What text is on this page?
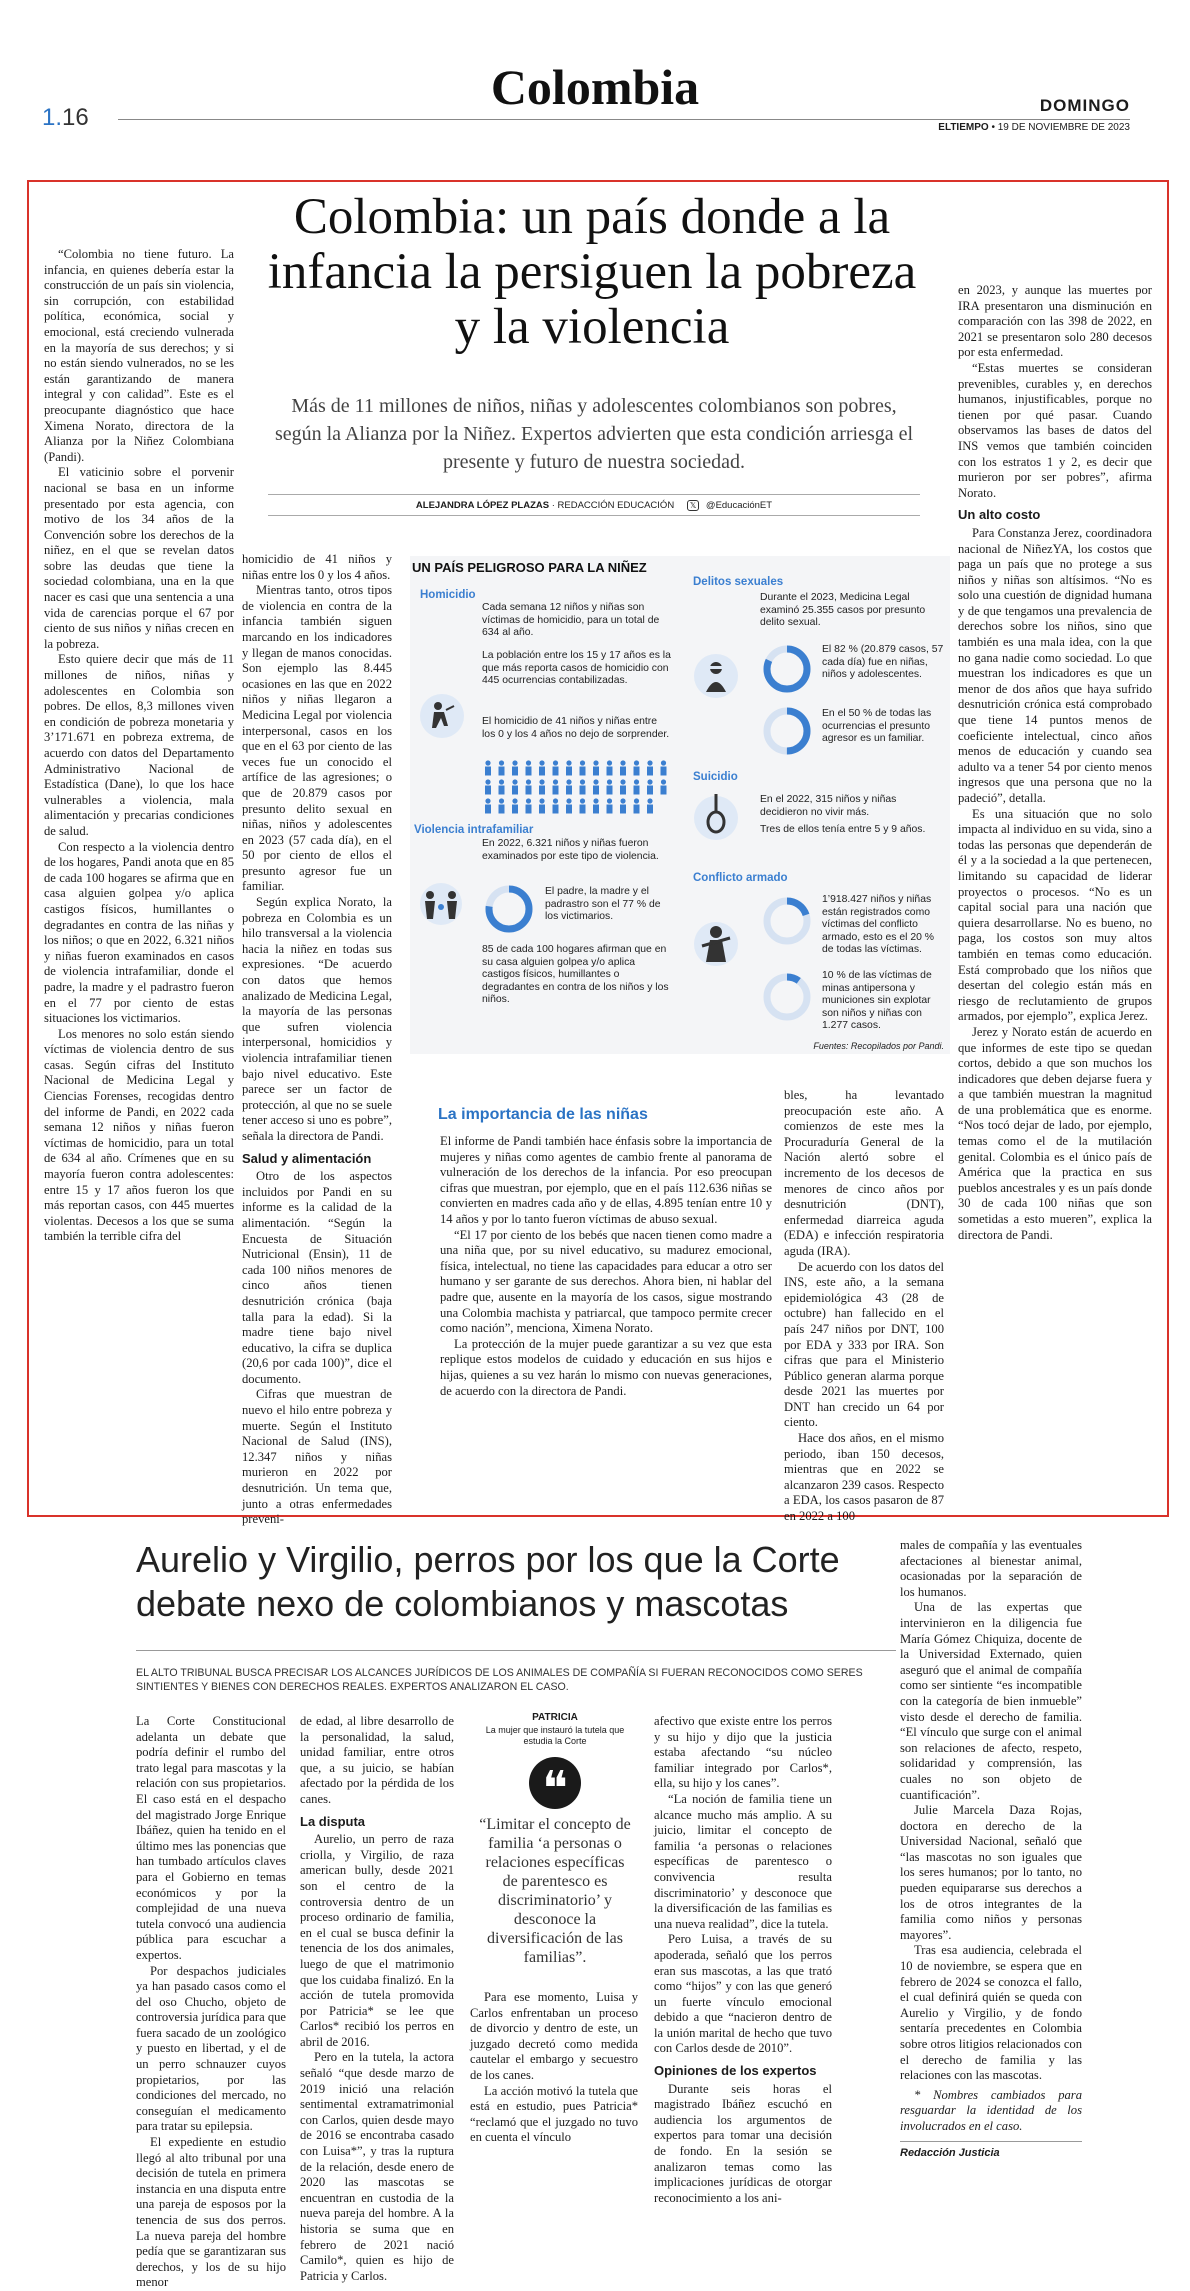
Colombia
1.16	DOMINGO
ELTIEMPO • 19 DE NOVIEMBRE DE 2023
Colombia: un país donde a la infancia la persiguen la pobreza y la violencia
Más de 11 millones de niños, niñas y adolescentes colombianos son pobres, según la Alianza por la Niñez. Expertos advierten que esta condición arriesga el presente y futuro de nuestra sociedad.
ALEJANDRA LÓPEZ PLAZAS · REDACCIÓN EDUCACIÓN 𝕏 @EducaciónET

“Colombia no tiene futuro. La infancia, en quienes debería estar la construcción de un país sin violencia, sin corrupción, con estabilidad política, económica, social y emocional, está creciendo vulnerada en la mayoría de sus derechos; y si no están siendo vulnerados, no se les están garantizando de manera integral y con calidad”. Este es el preocupante diagnóstico que hace Ximena Norato, directora de la Alianza por la Niñez Colombiana (Pandi).

El vaticinio sobre el porvenir nacional se basa en un informe presentado por esta agencia, con motivo de los 34 años de la Convención sobre los derechos de la niñez, en el que se revelan datos sobre las deudas que tiene la sociedad colombiana, una en la que nacer es casi que una sentencia a una vida de carencias porque el 67 por ciento de sus niños y niñas crecen en la pobreza.

Esto quiere decir que más de 11 millones de niños, niñas y adolescentes en Colombia son pobres. De ellos, 8,3 millones viven en condición de pobreza monetaria y 3’171.671 en pobreza extrema, de acuerdo con datos del Departamento Administrativo Nacional de Estadística (Dane), lo que los hace vulnerables a violencia, mala alimentación y precarias condiciones de salud.

Con respecto a la violencia dentro de los hogares, Pandi anota que en 85 de cada 100 hogares se afirma que en casa alguien golpea y/o aplica castigos físicos, humillantes o degradantes en contra de las niñas y los niños; o que en 2022, 6.321 niños y niñas fueron examinados en casos de violencia intrafamiliar, donde el padre, la madre y el padrastro fueron en el 77 por ciento de estas situaciones los victimarios.

Los menores no solo están siendo víctimas de violencia dentro de sus casas. Según cifras del Instituto Nacional de Medicina Legal y Ciencias Forenses, recogidas dentro del informe de Pandi, en 2022 cada semana 12 niños y niñas fueron víctimas de homicidio, para un total de 634 al año. Crímenes que en su mayoría fueron contra adolescentes: entre 15 y 17 años fueron los que más reportan casos, con 445 muertes violentas. Decesos a los que se suma también la terrible cifra del

homicidio de 41 niños y niñas entre los 0 y los 4 años.

Mientras tanto, otros tipos de violencia en contra de la infancia también siguen marcando en los indicadores y llegan de manos conocidas. Son ejemplo las 8.445 ocasiones en las que en 2022 niños y niñas llegaron a Medicina Legal por violencia interpersonal, casos en los que en el 63 por ciento de las veces fue un conocido el artífice de las agresiones; o que de 20.879 casos por presunto delito sexual en niñas, niños y adolescentes en 2023 (57 cada día), en el 50 por ciento de ellos el presunto agresor fue un familiar.

Según explica Norato, la pobreza en Colombia es un hilo transversal a la violencia hacia la niñez en todas sus expresiones. “De acuerdo con datos que hemos analizado de Medicina Legal, la mayoría de las personas que sufren violencia interpersonal, homicidios y violencia intrafamiliar tienen bajo nivel educativo. Este parece ser un factor de protección, al que no se suele tener acceso si uno es pobre”, señala la directora de Pandi.

Salud y alimentación

Otro de los aspectos incluidos por Pandi en su informe es la calidad de la alimentación. “Según la Encuesta de Situación Nutricional (Ensin), 11 de cada 100 niños menores de cinco años tienen desnutrición crónica (baja talla para la edad). Si la madre tiene bajo nivel educativo, la cifra se duplica (20,6 por cada 100)”, dice el documento.

Cifras que muestran de nuevo el hilo entre pobreza y muerte. Según el Instituto Nacional de Salud (INS), 12.347 niños y niñas murieron en 2022 por desnutrición. Un tema que, junto a otras enfermedades preveni-

en 2023, y aunque las muertes por IRA presentaron una disminución en comparación con las 398 de 2022, en 2021 se presentaron solo 280 decesos por esta enfermedad.

“Estas muertes se consideran prevenibles, curables y, en derechos humanos, injustificables, porque no tienen por qué pasar. Cuando observamos las bases de datos del INS vemos que también coinciden con los estratos 1 y 2, es decir que murieron por ser pobres”, afirma Norato.

Un alto costo

Para Constanza Jerez, coordinadora nacional de NiñezYA, los costos que paga un país que no protege a sus niños y niñas son altísimos. “No es solo una cuestión de dignidad humana y de que tengamos una prevalencia de derechos sobre los niños, sino que también es una mala idea, con la que no gana nadie como sociedad. Lo que muestran los indicadores es que un menor de dos años que haya sufrido desnutrición crónica está comprobado que tiene 14 puntos menos de coeficiente intelectual, cinco años menos de educación y cuando sea adulto va a tener 54 por ciento menos ingresos que una persona que no la padeció”, detalla.

Es una situación que no solo impacta al individuo en su vida, sino a todas las personas que dependerán de él y a la sociedad a la que pertenecen, limitando su capacidad de liderar proyectos o procesos. “No es un capital social para una nación que quiera desarrollarse. No es bueno, no paga, los costos son muy altos también en temas como educación. Está comprobado que los niños que desertan del colegio están más en riesgo de reclutamiento de grupos armados, por ejemplo”, explica Jerez.

Jerez y Norato están de acuerdo en que informes de este tipo se quedan cortos, debido a que son muchos los indicadores que deben dejarse fuera y a que también muestran la magnitud de una problemática que es enorme. “Nos tocó dejar de lado, por ejemplo, temas como el de la mutilación genital. Colombia es el único país de América que la practica en sus pueblos ancestrales y es un país donde 30 de cada 100 niñas que son sometidas a esto mueren”, explica la directora de Pandi.

UN PAÍS PELIGROSO PARA LA NIÑEZ
Homicidio
Cada semana 12 niños y niñas son víctimas de homicidio, para un total de 634 al año.
La población entre los 15 y 17 años es la que más reporta casos de homicidio con 445 ocurrencias contabilizadas.
El homicidio de 41 niños y niñas entre los 0 y los 4 años no dejo de sorprender.
Violencia intrafamiliar
En 2022, 6.321 niños y niñas fueron examinados por este tipo de violencia.
El padre, la madre y el padrastro son el 77 % de los victimarios.
85 de cada 100 hogares afirman que en su casa alguien golpea y/o aplica castigos físicos, humillantes o degradantes en contra de los niños y los niños.
Delitos sexuales
Durante el 2023, Medicina Legal examinó 25.355 casos por presunto delito sexual.
El 82 % (20.879 casos, 57 cada día) fue en niñas, niños y adolescentes.
En el 50 % de todas las ocurrencias el presunto agresor es un familiar.
Suicidio
En el 2022, 315 niños y niñas decidieron no vivir más.
Tres de ellos tenía entre 5 y 9 años.
Conflicto armado
1’918.427 niños y niñas están registrados como víctimas del conflicto armado, esto es el 20 % de todas las víctimas.
10 % de las víctimas de minas antipersona y municiones sin explotar son niños y niñas con 1.277 casos.
Fuentes: Recopilados por Pandi.
La importancia de las niñas

El informe de Pandi también hace énfasis sobre la importancia de mujeres y niñas como agentes de cambio frente al panorama de vulneración de los derechos de la infancia. Por eso preocupan cifras que muestran, por ejemplo, que en el país 112.636 niñas se convierten en madres cada año y de ellas, 4.895 tenían entre 10 y 14 años y por lo tanto fueron víctimas de abuso sexual.

“El 17 por ciento de los bebés que nacen tienen como madre a una niña que, por su nivel educativo, su madurez emocional, física, intelectual, no tiene las capacidades para educar a otro ser humano y ser garante de sus derechos. Ahora bien, ni hablar del padre que, ausente en la mayoría de los casos, sigue mostrando una Colombia machista y patriarcal, que tampoco permite crecer como nación”, menciona, Ximena Norato.

La protección de la mujer puede garantizar a su vez que esta replique estos modelos de cuidado y educación en sus hijos e hijas, quienes a su vez harán lo mismo con nuevas generaciones, de acuerdo con la directora de Pandi.

bles, ha levantado preocupación este año. A comienzos de este mes la Procuraduría General de la Nación alertó sobre el incremento de los decesos de menores de cinco años por desnutrición (DNT), enfermedad diarreica aguda (EDA) e infección respiratoria aguda (IRA).

De acuerdo con los datos del INS, este año, a la semana epidemiológica 43 (28 de octubre) han fallecido en el país 247 niños por DNT, 100 por EDA y 333 por IRA. Son cifras que para el Ministerio Público generan alarma porque desde 2021 las muertes por DNT han crecido un 64 por ciento.

Hace dos años, en el mismo periodo, iban 150 decesos, mientras que en 2022 se alcanzaron 239 casos. Respecto a EDA, los casos pasaron de 87 en 2022 a 100

Aurelio y Virgilio, perros por los que la Corte debate nexo de colombianos y mascotas
EL ALTO TRIBUNAL BUSCA PRECISAR LOS ALCANCES JURÍDICOS DE LOS ANIMALES DE COMPAÑÍA SI FUERAN RECONOCIDOS COMO SERES SINTIENTES Y BIENES CON DERECHOS REALES. EXPERTOS ANALIZARON EL CASO.

La Corte Constitucional adelanta un debate que podría definir el rumbo del trato legal para mascotas y la relación con sus propietarios. El caso está en el despacho del magistrado Jorge Enrique Ibáñez, quien ha tenido en el último mes las ponencias que han tumbado artículos claves para el Gobierno en temas económicos y por la complejidad de una nueva tutela convocó una audiencia pública para escuchar a expertos.

Por despachos judiciales ya han pasado casos como el del oso Chucho, objeto de controversia jurídica para que fuera sacado de un zoológico y puesto en libertad, y el de un perro schnauzer cuyos propietarios, por las condiciones del mercado, no conseguían el medicamento para tratar su epilepsia.

El expediente en estudio llegó al alto tribunal por una decisión de tutela en primera instancia en una disputa entre una pareja de esposos por la tenencia de sus dos perros. La nueva pareja del hombre pedía que se garantizaran sus derechos, y los de su hijo menor

de edad, al libre desarrollo de la personalidad, la salud, unidad familiar, entre otros que, a su juicio, se habían afectado por la pérdida de los canes.

La disputa

Aurelio, un perro de raza criolla, y Virgilio, de raza american bully, desde 2021 son el centro de la controversia dentro de un proceso ordinario de familia, en el cual se busca definir la tenencia de los dos animales, luego de que el matrimonio que los cuidaba finalizó. En la acción de tutela promovida por Patricia* se lee que Carlos* recibió los perros en abril de 2016.

Pero en la tutela, la actora señaló “que desde marzo de 2019 inició una relación sentimental extramatrimonial con Carlos, quien desde mayo de 2016 se encontraba casado con Luisa*”, y tras la ruptura de la relación, desde enero de 2020 las mascotas se encuentran en custodia de la nueva pareja del hombre. A la historia se suma que en febrero de 2021 nació Camilo*, quien es hijo de Patricia y Carlos.

PATRICIA
La mujer que instauró la tutela que estudia la Corte
❝
“Limitar el concepto de familia ‘a personas o relaciones específicas de parentesco es discriminatorio’ y desconoce la diversificación de las familias”.

Para ese momento, Luisa y Carlos enfrentaban un proceso de divorcio y dentro de este, un juzgado decretó como medida cautelar el embargo y secuestro de los canes.

La acción motivó la tutela que está en estudio, pues Patricia* “reclamó que el juzgado no tuvo en cuenta el vínculo

afectivo que existe entre los perros y su hijo y dijo que la justicia estaba afectando “su núcleo familiar integrado por Carlos*, ella, su hijo y los canes”.

“La noción de familia tiene un alcance mucho más amplio. A su juicio, limitar el concepto de familia ‘a personas o relaciones específicas de parentesco o convivencia resulta discriminatorio’ y desconoce que la diversificación de las familias es una nueva realidad”, dice la tutela.

Pero Luisa, a través de su apoderada, señaló que los perros eran sus mascotas, a las que trató como “hijos” y con las que generó un fuerte vínculo emocional debido a que “nacieron dentro de la unión marital de hecho que tuvo con Carlos desde de 2010”.

Opiniones de los expertos

Durante seis horas el magistrado Ibáñez escuchó en audiencia los argumentos de expertos para tomar una decisión de fondo. En la sesión se analizaron temas como las implicaciones jurídicas de otorgar reconocimiento a los ani-

males de compañía y las eventuales afectaciones al bienestar animal, ocasionadas por la separación de los humanos.

Una de las expertas que intervinieron en la diligencia fue María Gómez Chiquiza, docente de la Universidad Externado, quien aseguró que el animal de compañía como ser sintiente “es incompatible con la categoría de bien inmueble” visto desde el derecho de familia. “El vínculo que surge con el animal son relaciones de afecto, respeto, solidaridad y comprensión, las cuales no son objeto de cuantificación”.

Julie Marcela Daza Rojas, doctora en derecho de la Universidad Nacional, señaló que “las mascotas no son iguales que los seres humanos; por lo tanto, no pueden equipararse sus derechos a los de otros integrantes de la familia como niños y personas mayores”.

Tras esa audiencia, celebrada el 10 de noviembre, se espera que en febrero de 2024 se conozca el fallo, el cual definirá quién se queda con Aurelio y Virgilio, y de fondo sentaría precedentes en Colombia sobre otros litigios relacionados con el derecho de familia y las relaciones con las mascotas.

* Nombres cambiados para resguardar la identidad de los involucrados en el caso.

Redacción Justicia
